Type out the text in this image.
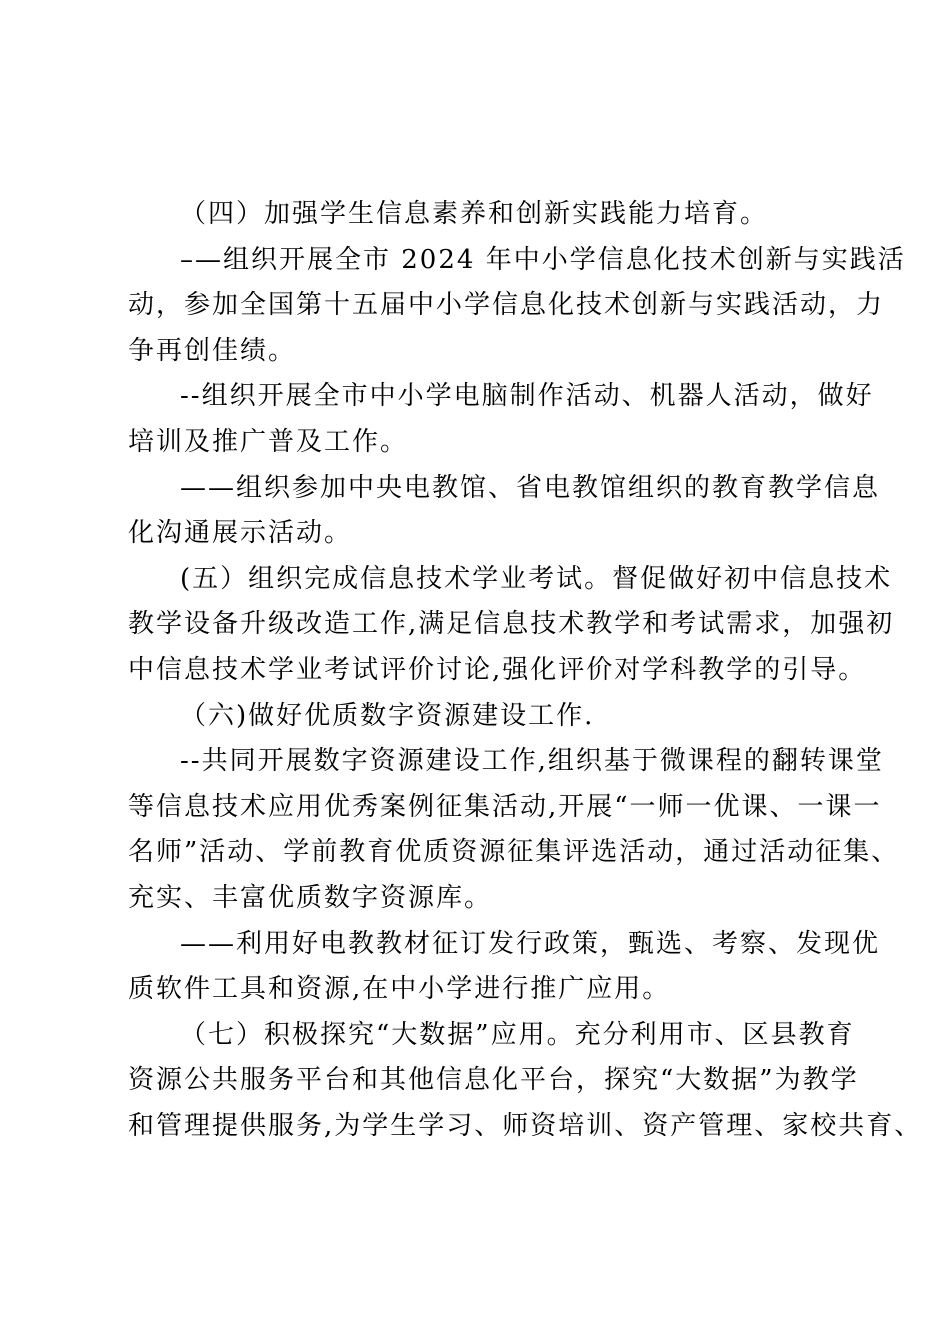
（四）加强学生信息素养和创新实践能力培育。
–—组织开展全市 2024 年中小学信息化技术创新与实践活
动，参加全国第十五届中小学信息化技术创新与实践活动，力
争再创佳绩。
--组织开展全市中小学电脑制作活动、机器人活动，做好
培训及推广普及工作。
——组织参加中央电教馆、省电教馆组织的教育教学信息
化沟通展示活动。
(五）组织完成信息技术学业考试。督促做好初中信息技术
教学设备升级改造工作,满足信息技术教学和考试需求，加强初
中信息技术学业考试评价讨论,强化评价对学科教学的引导。
（六)做好优质数字资源建设工作.
--共同开展数字资源建设工作,组织基于微课程的翻转课堂
等信息技术应用优秀案例征集活动,开展“一师一优课、一课一
名师”活动、学前教育优质资源征集评选活动，通过活动征集、
充实、丰富优质数字资源库。
——利用好电教教材征订发行政策，甄选、考察、发现优
质软件工具和资源,在中小学进行推广应用。
（七）积极探究“大数据”应用。充分利用市、区县教育
资源公共服务平台和其他信息化平台，探究“大数据”为教学
和管理提供服务,为学生学习、师资培训、资产管理、家校共育、
